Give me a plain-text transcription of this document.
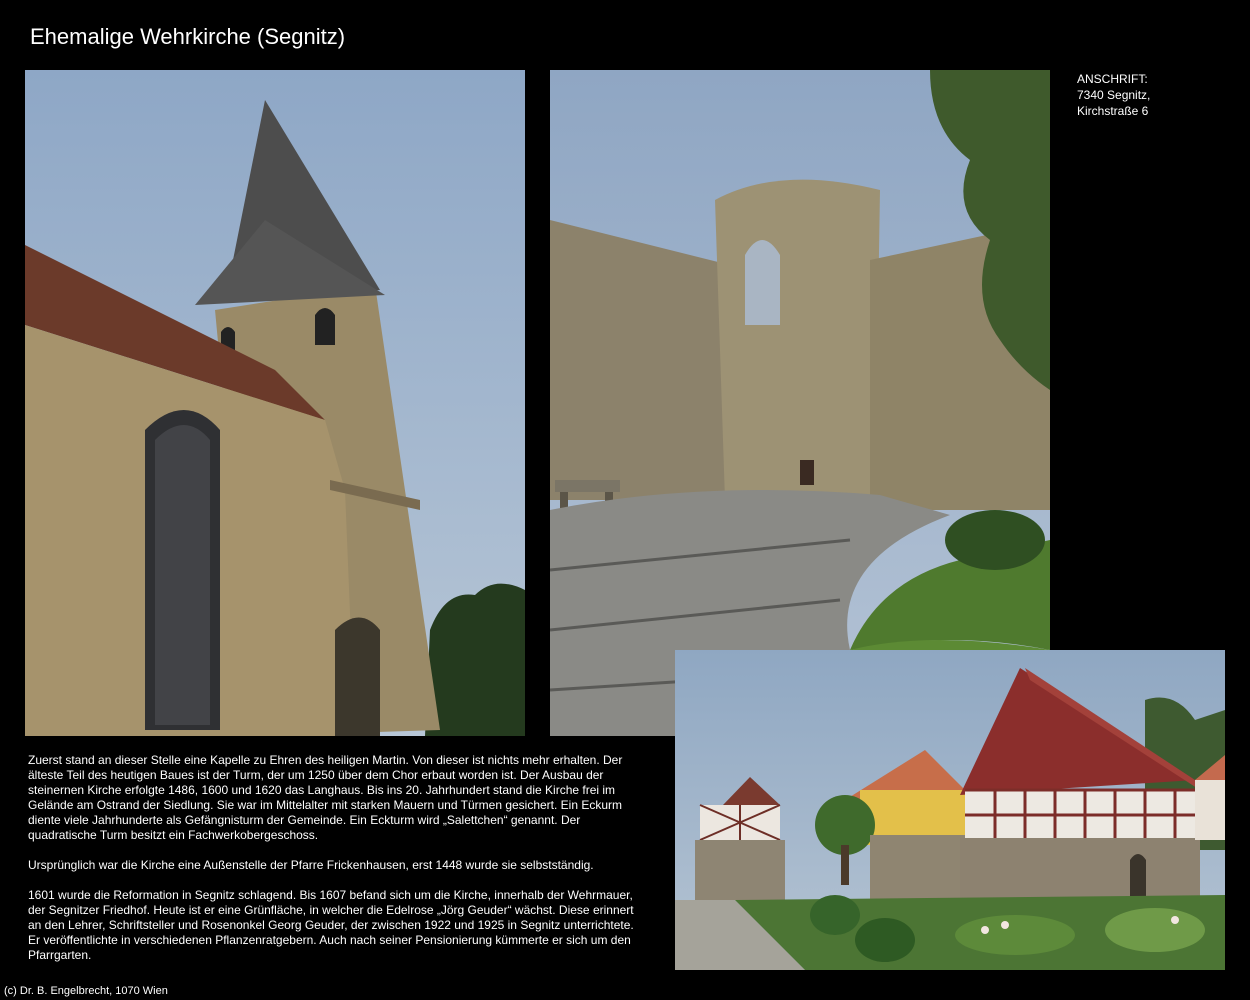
Ehemalige Wehrkirche (Segnitz)
ANSCHRIFT:
7340 Segnitz,
Kirchstraße 6

Zuerst stand an dieser Stelle eine Kapelle zu Ehren des heiligen Martin. Von dieser ist nichts mehr erhalten. Der älteste Teil des heutigen Baues ist der Turm, der um 1250 über dem Chor erbaut worden ist. Der Ausbau der steinernen Kirche erfolgte 1486, 1600 und 1620 das Langhaus. Bis ins 20. Jahrhundert stand die Kirche frei im Gelände am Ostrand der Siedlung. Sie war im Mittelalter mit starken Mauern und Türmen gesichert. Ein Eckurm diente viele Jahrhunderte als Gefängnisturm der Gemeinde. Ein Eckturm wird „Salettchen“ genannt. Der quadratische Turm besitzt ein Fachwerkobergeschoss.

Ursprünglich war die Kirche eine Außenstelle der Pfarre Frickenhausen, erst 1448 wurde sie selbstständig.

1601 wurde die Reformation in Segnitz schlagend. Bis 1607 befand sich um die Kirche, innerhalb der Wehrmauer, der Segnitzer Friedhof. Heute ist er eine Grünfläche, in welcher die Edelrose „Jörg Geuder“ wächst. Diese erinnert an den Lehrer, Schriftsteller und Rosenonkel Georg Geuder, der zwischen 1922 und 1925 in Segnitz unterrichtete. Er veröffentlichte in verschiedenen Pflanzenratgebern. Auch nach seiner Pensionierung kümmerte er sich um den Pfarrgarten.

(c) Dr. B. Engelbrecht, 1070 Wien
